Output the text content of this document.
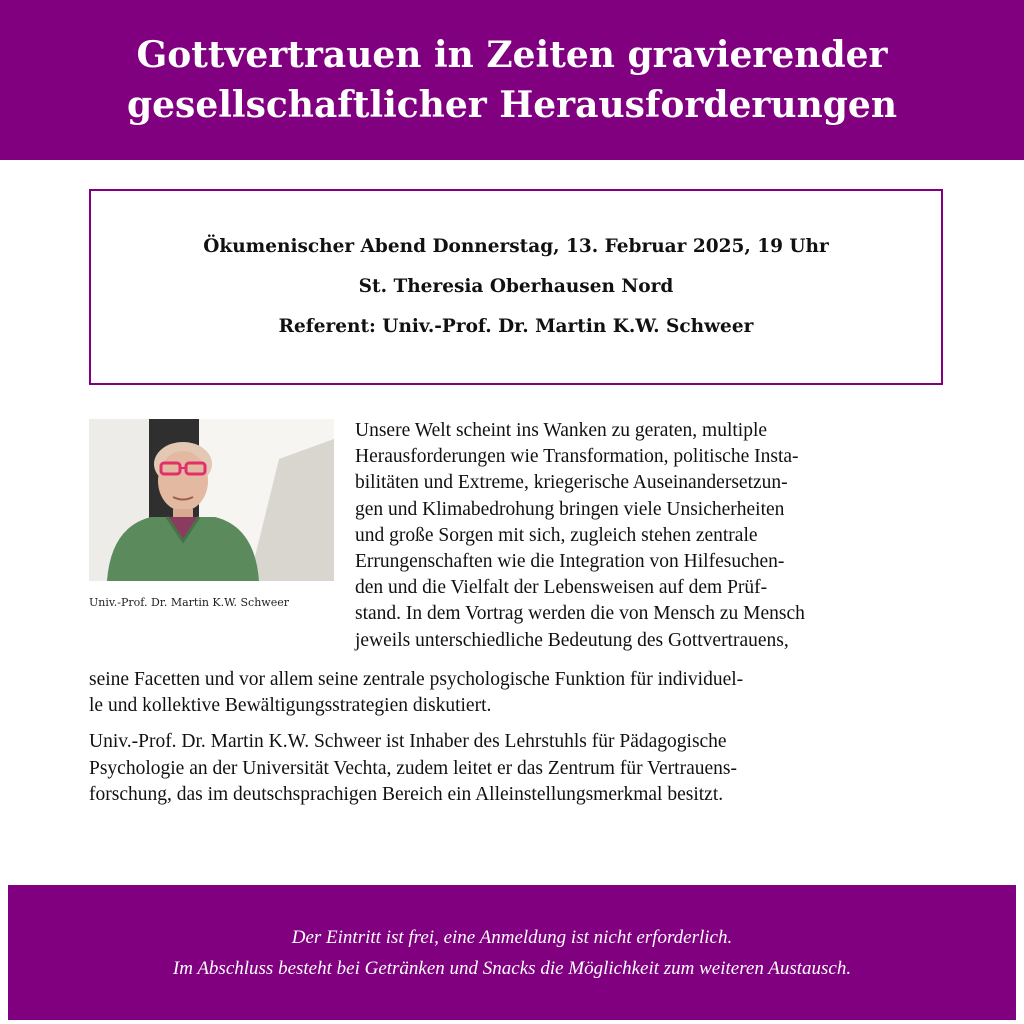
Gottvertrauen in Zeiten gravierender
gesellschaftlicher Herausforderungen
Ökumenischer Abend Donnerstag, 13. Februar 2025, 19 Uhr
St. Theresia Oberhausen Nord
Referent: Univ.-Prof. Dr. Martin K.W. Schweer
Univ.-Prof. Dr. Martin K.W. Schweer
Unsere Welt scheint ins Wanken zu geraten, multiple
Herausforderungen wie Transformation, politische Insta-
bilitäten und Extreme, kriegerische Auseinandersetzun-
gen und Klimabedrohung bringen viele Unsicherheiten
und große Sorgen mit sich, zugleich stehen zentrale
Errungenschaften wie die Integration von Hilfesuchen-
den und die Vielfalt der Lebensweisen auf dem Prüf-
stand. In dem Vortrag werden die von Mensch zu Mensch
jeweils unterschiedliche Bedeutung des Gottvertrauens,
seine Facetten und vor allem seine zentrale psychologische Funktion für individuel-
le und kollektive Bewältigungsstrategien diskutiert.
Univ.-Prof. Dr. Martin K.W. Schweer ist Inhaber des Lehrstuhls für Pädagogische
Psychologie an der Universität Vechta, zudem leitet er das Zentrum für Vertrauens-
forschung, das im deutschsprachigen Bereich ein Alleinstellungsmerkmal besitzt.
Der Eintritt ist frei, eine Anmeldung ist nicht erforderlich.
Im Abschluss besteht bei Getränken und Snacks die Möglichkeit zum weiteren Austausch.
